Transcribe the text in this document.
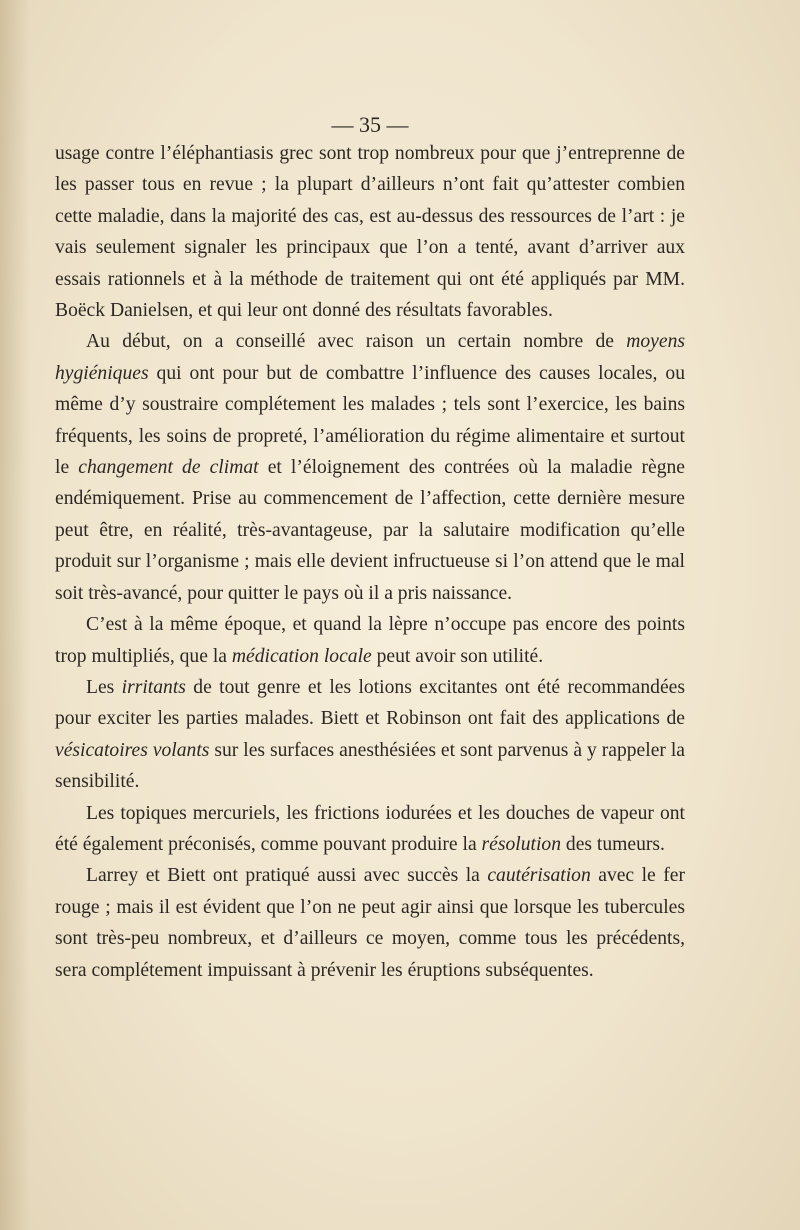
— 35 —

usage contre l’éléphantiasis grec sont trop nombreux pour que j’entreprenne de les passer tous en revue ; la plupart d’ailleurs n’ont fait qu’attester combien cette maladie, dans la majorité des cas, est au-dessus des ressources de l’art : je vais seulement signaler les principaux que l’on a tenté, avant d’arriver aux essais rationnels et à la méthode de traitement qui ont été appliqués par MM. Boëck Danielsen, et qui leur ont donné des résultats favorables.

Au début, on a conseillé avec raison un certain nombre de moyens hygiéniques qui ont pour but de combattre l’influence des causes locales, ou même d’y soustraire complétement les malades ; tels sont l’exercice, les bains fréquents, les soins de propreté, l’amélioration du régime alimentaire et surtout le changement de climat et l’éloignement des contrées où la maladie règne endémiquement. Prise au commencement de l’affection, cette dernière mesure peut être, en réalité, très-avantageuse, par la salutaire modification qu’elle produit sur l’organisme ; mais elle devient infructueuse si l’on attend que le mal soit très-avancé, pour quitter le pays où il a pris naissance.

C’est à la même époque, et quand la lèpre n’occupe pas encore des points trop multipliés, que la médication locale peut avoir son utilité.

Les irritants de tout genre et les lotions excitantes ont été recommandées pour exciter les parties malades. Biett et Robinson ont fait des applications de vésicatoires volants sur les surfaces anesthésiées et sont parvenus à y rappeler la sensibilité.

Les topiques mercuriels, les frictions iodurées et les douches de vapeur ont été également préconisés, comme pouvant produire la résolution des tumeurs.

Larrey et Biett ont pratiqué aussi avec succès la cautérisation avec le fer rouge ; mais il est évident que l’on ne peut agir ainsi que lorsque les tubercules sont très-peu nombreux, et d’ailleurs ce moyen, comme tous les précédents, sera complétement impuissant à prévenir les éruptions subséquentes.
